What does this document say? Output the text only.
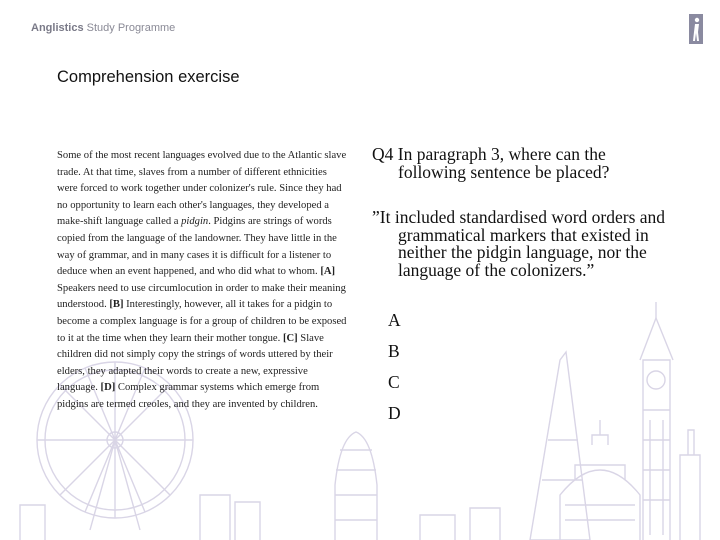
Anglistics Study Programme
Comprehension exercise
Some of the most recent languages evolved due to the Atlantic slave trade. At that time, slaves from a number of different ethnicities were forced to work together under colonizer's rule. Since they had no opportunity to learn each other's languages, they developed a make-shift language called a pidgin. Pidgins are strings of words copied from the language of the landowner. They have little in the way of grammar, and in many cases it is difficult for a listener to deduce when an event happened, and who did what to whom. [A] Speakers need to use circumlocution in order to make their meaning understood. [B] Interestingly, however, all it takes for a pidgin to become a complex language is for a group of children to be exposed to it at the time when they learn their mother tongue. [C] Slave children did not simply copy the strings of words uttered by their elders, they adapted their words to create a new, expressive language. [D] Complex grammar systems which emerge from pidgins are termed creoles, and they are invented by children.

Q4 In paragraph 3, where can the following sentence be placed?

”It included standardised word orders and grammatical markers that existed in neither the pidgin language, nor the language of the colonizers.”

A
B
C
D
